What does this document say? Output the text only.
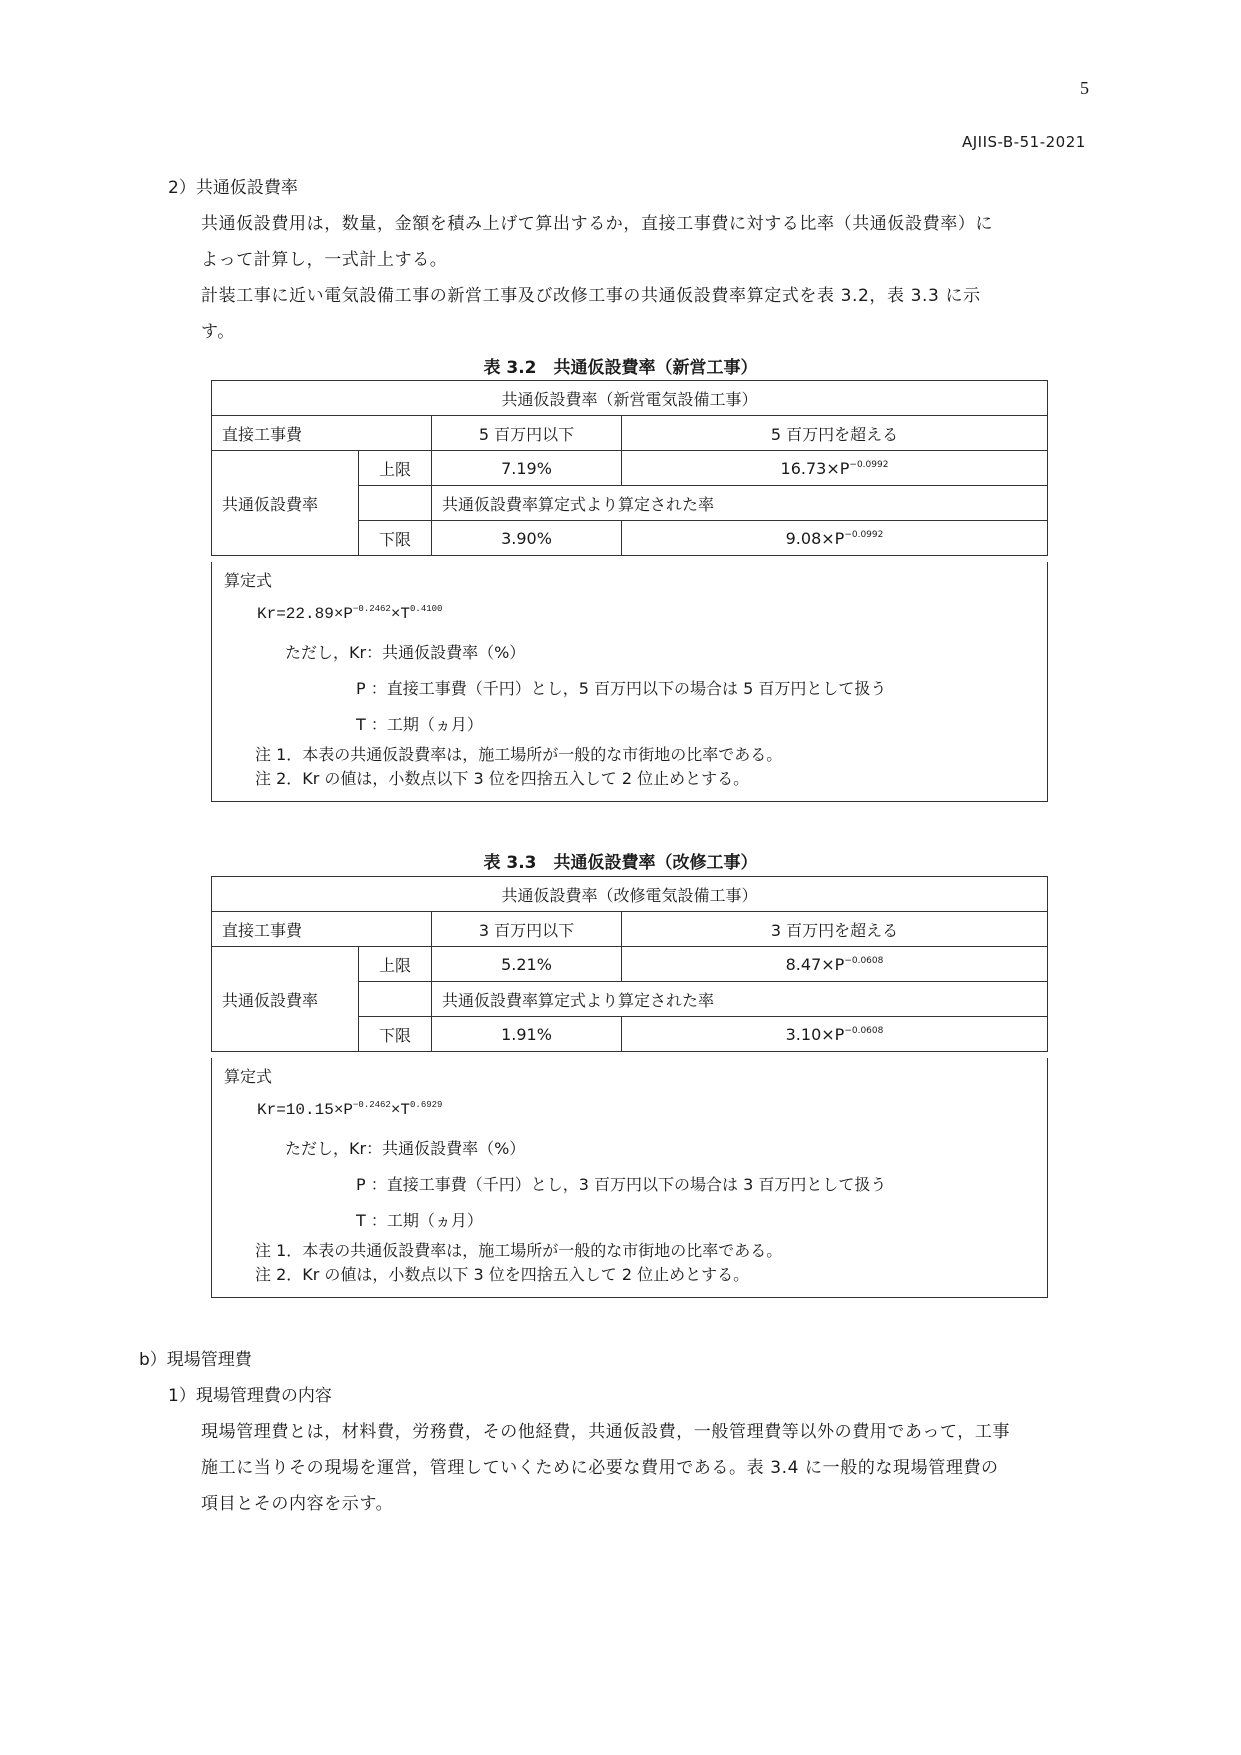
5
AJIIS-B-51-2021
2）共通仮設費率
共通仮設費用は，数量，金額を積み上げて算出するか，直接工事費に対する比率（共通仮設費率）に
よって計算し，一式計上する。
計装工事に近い電気設備工事の新営工事及び改修工事の共通仮設費率算定式を表 3.2，表 3.3 に示
す。
表 3.2　共通仮設費率（新営工事）
共通仮設費率（新営電気設備工事）			
直接工事費		5 百万円以下	5 百万円を超える
共通仮設費率	上限	7.19%	$16.73\times P^{-0.0992}$
		共通仮設費率算定式より算定された率	
	下限	3.90%	$9.08\times P^{-0.0992}$
算定式
$Kr=22.89\times P^{-0.2462}\times T^{0.4100}$
ただし，Kr：共通仮設費率（%）
P ：直接工事費（千円）とし，5 百万円以下の場合は 5 百万円として扱う
T ：工期（ヵ月）
注 1．本表の共通仮設費率は，施工場所が一般的な市街地の比率である。
注 2．Kr の値は，小数点以下 3 位を四捨五入して 2 位止めとする。
表 3.3　共通仮設費率（改修工事）
共通仮設費率（改修電気設備工事）			
直接工事費		3 百万円以下	3 百万円を超える
共通仮設費率	上限	5.21%	$8.47\times P^{-0.0608}$
		共通仮設費率算定式より算定された率	
	下限	1.91%	$3.10\times P^{-0.0608}$
算定式
$Kr=10.15\times P^{-0.2462}\times T^{0.6929}$
ただし，Kr：共通仮設費率（%）
P ：直接工事費（千円）とし，3 百万円以下の場合は 3 百万円として扱う
T ：工期（ヵ月）
注 1．本表の共通仮設費率は，施工場所が一般的な市街地の比率である。
注 2．Kr の値は，小数点以下 3 位を四捨五入して 2 位止めとする。
b）現場管理費
1）現場管理費の内容
現場管理費とは，材料費，労務費，その他経費，共通仮設費，一般管理費等以外の費用であって，工事
施工に当りその現場を運営，管理していくために必要な費用である。表 3.4 に一般的な現場管理費の
項目とその内容を示す。
